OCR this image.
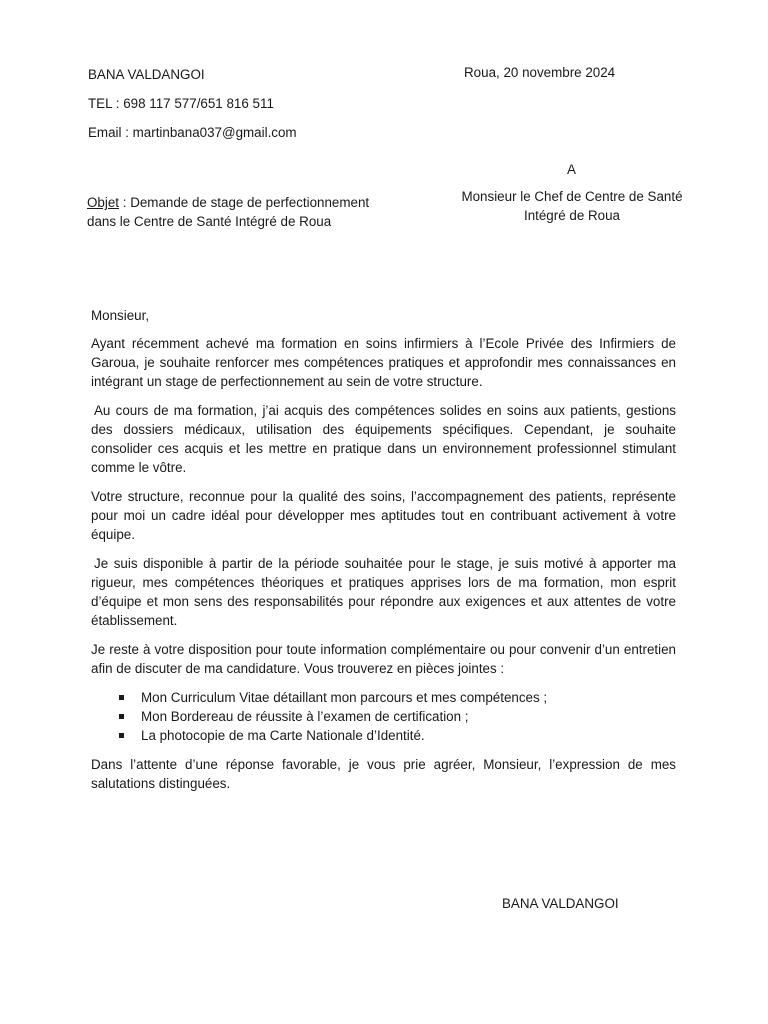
BANA VALDANGOI
TEL : 698 117 577/651 816 511
Email : martinbana037@gmail.com
Roua, 20 novembre 2024
A
Monsieur le Chef de Centre de Santé Intégré de Roua
Objet : Demande de stage de perfectionnement dans le Centre de Santé Intégré de Roua

Monsieur,

Ayant récemment achevé ma formation en soins infirmiers à l’Ecole Privée des Infirmiers de Garoua, je souhaite renforcer mes compétences pratiques et approfondir mes connaissances en intégrant un stage de perfectionnement au sein de votre structure.

Au cours de ma formation, j’ai acquis des compétences solides en soins aux patients, gestions des dossiers médicaux, utilisation des équipements spécifiques. Cependant, je souhaite consolider ces acquis et les mettre en pratique dans un environnement professionnel stimulant comme le vôtre.

Votre structure, reconnue pour la qualité des soins, l’accompagnement des patients, représente pour moi un cadre idéal pour développer mes aptitudes tout en contribuant activement à votre équipe.

Je suis disponible à partir de la période souhaitée pour le stage, je suis motivé à apporter ma rigueur, mes compétences théoriques et pratiques apprises lors de ma formation, mon esprit d’équipe et mon sens des responsabilités pour répondre aux exigences et aux attentes de votre établissement.

Je reste à votre disposition pour toute information complémentaire ou pour convenir d’un entretien afin de discuter de ma candidature. Vous trouverez en pièces jointes :

Mon Curriculum Vitae détaillant mon parcours et mes compétences ;
Mon Bordereau de réussite à l’examen de certification ;
La photocopie de ma Carte Nationale d’Identité.

Dans l’attente d’une réponse favorable, je vous prie agréer, Monsieur, l’expression de mes salutations distinguées.

BANA VALDANGOI
